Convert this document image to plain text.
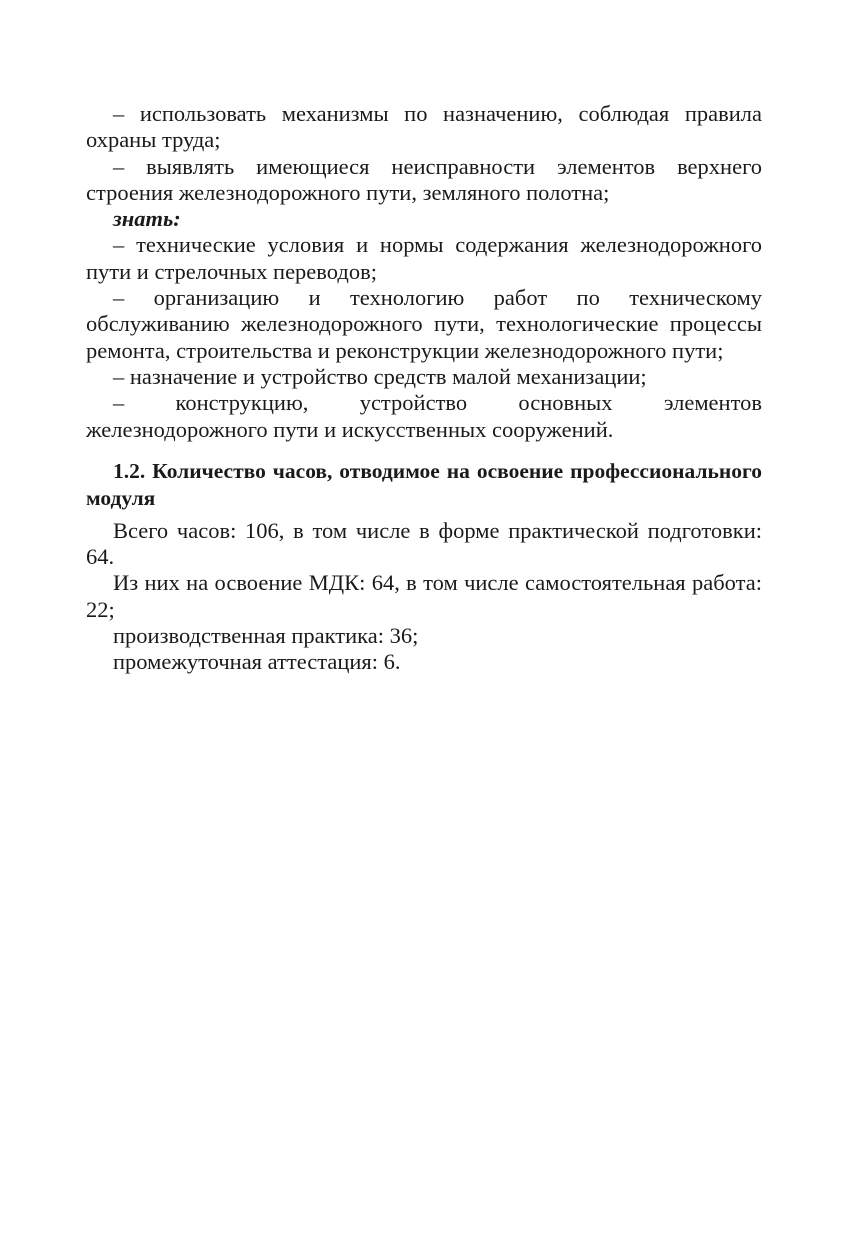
– использовать механизмы по назначению, соблюдая правила охраны труда;

– выявлять имеющиеся неисправности элементов верхнего строения железнодорожного пути, земляного полотна;

знать:

– технические условия и нормы содержания железнодорожного пути и стрелочных переводов;

– организацию и технологию работ по техническому обслуживанию железнодорожного пути, технологические процессы ремонта, строительства и реконструкции железнодорожного пути;

– назначение и устройство средств малой механизации;

– конструкцию, устройство основных элементов железнодорожного пути и искусственных сооружений.

1.2. Количество часов, отводимое на освоение профессионального модуля

Всего часов: 106, в том числе в форме практической подготовки: 64.

Из них на освоение МДК: 64, в том числе самостоятельная работа: 22;

производственная практика: 36;

промежуточная аттестация: 6.
